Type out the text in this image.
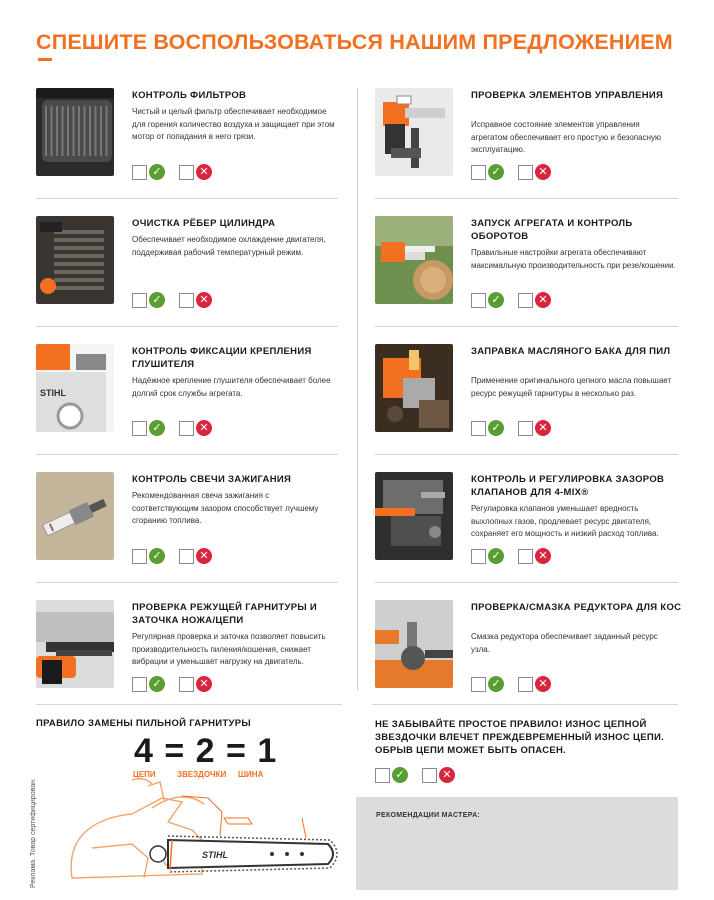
СПЕШИТЕ ВОСПОЛЬЗОВАТЬСЯ НАШИМ ПРЕДЛОЖЕНИЕМ
КОНТРОЛЬ ФИЛЬТРОВ
Чистый и целый фильтр обеспечивает необходимое для горения количество воздуха и защищает при этом мотор от попадания в него грязи.
✓	✕
ПРОВЕРКА ЭЛЕМЕНТОВ УПРАВЛЕНИЯ
Исправное состояние элементов управления агрегатом обеспечивает его простую и безопасную эксплуатацию.
✓	✕
ОЧИСТКА РЁБЕР ЦИЛИНДРА
Обеспечивает необходимое охлаждение двигателя, поддерживая рабочий температурный режим.
✓	✕
ЗАПУСК АГРЕГАТА И КОНТРОЛЬ ОБОРОТОВ
Правильные настройки агрегата обеспечивают максимальную производительность при резе/кошении.
✓	✕
STIHL
КОНТРОЛЬ ФИКСАЦИИ КРЕПЛЕНИЯ ГЛУШИТЕЛЯ
Надёжное крепление глушителя обеспечивает более долгий срок службы агрегата.
✓	✕
ЗАПРАВКА МАСЛЯНОГО БАКА ДЛЯ ПИЛ
Применение оригинального цепного масла повышает ресурс режущей гарнитуры в несколько раз.
✓	✕
КОНТРОЛЬ СВЕЧИ ЗАЖИГАНИЯ
Рекомендованная свеча зажигания с соответствующим зазором способствует лучшему сгоранию топлива.
✓	✕
КОНТРОЛЬ И РЕГУЛИРОВКА ЗАЗОРОВ КЛАПАНОВ ДЛЯ 4-MIX®
Регулировка клапанов уменьшает вредность выхлопных газов, продлевает ресурс двигателя, сохраняет его мощность и низкий расход топлива.
✓	✕
ПРОВЕРКА РЕЖУЩЕЙ ГАРНИТУРЫ И ЗАТОЧКА НОЖА/ЦЕПИ
Регулярная проверка и заточка позволяет повысить производительность пиления/кошения, снижает вибрации и уменьшает нагрузку на двигатель.
✓	✕
ПРОВЕРКА/СМАЗКА РЕДУКТОРА ДЛЯ КОС
Смазка редуктора обеспечивает заданный ресурс узла.
✓	✕
ПРАВИЛО ЗАМЕНЫ ПИЛЬНОЙ ГАРНИТУРЫ
4 = 2 = 1
ЦЕПИ	ЗВЕЗДОЧКИ ШИНА
Реклама. Товар сертифицирован.	STIHL
НЕ ЗАБЫВАЙТЕ ПРОСТОЕ ПРАВИЛО! ИЗНОС ЦЕПНОЙ ЗВЕЗДОЧКИ ВЛЕЧЕТ ПРЕЖДЕВРЕМЕННЫЙ ИЗНОС ЦЕПИ. ОБРЫВ ЦЕПИ МОЖЕТ БЫТЬ ОПАСЕН.
✓	✕
РЕКОМЕНДАЦИИ МАСТЕРА:
